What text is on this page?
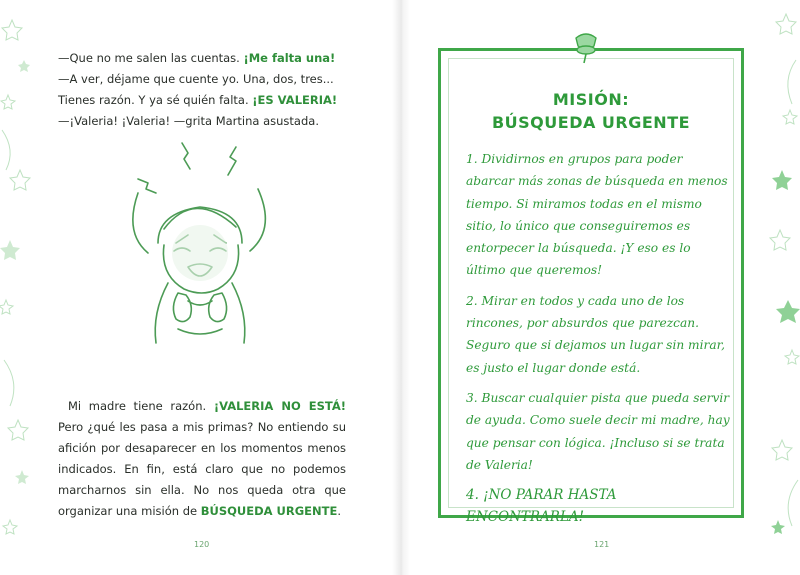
—Que no me salen las cuentas. ¡Me falta una!

—A ver, déjame que cuente yo. Una, dos, tres... Tienes razón. Y ya sé quién falta. ¡ES VALERIA!

—¡Valeria! ¡Valeria! —grita Martina asustada.

Mi madre tiene razón. ¡VALERIA NO ESTÁ! Pero ¿qué les pasa a mis primas? No entiendo su afición por desaparecer en los momentos menos indicados. En fin, está claro que no podemos marcharnos sin ella. No nos queda otra que organizar una misión de BÚSQUEDA URGENTE.

120
MISIÓN:
BÚSQUEDA URGENTE

1. Dividirnos en grupos para poder abarcar más zonas de búsqueda en menos tiempo. Si miramos todas en el mismo sitio, lo único que conseguiremos es entorpecer la búsqueda. ¡Y eso es lo último que queremos!

2. Mirar en todos y cada uno de los rincones, por absurdos que parezcan. Seguro que si dejamos un lugar sin mirar, es justo el lugar donde está.

3. Buscar cualquier pista que pueda servir de ayuda. Como suele decir mi madre, hay que pensar con lógica. ¡Incluso si se trata de Valeria!

4. ¡NO PARAR HASTA ENCONTRARLA!

121
